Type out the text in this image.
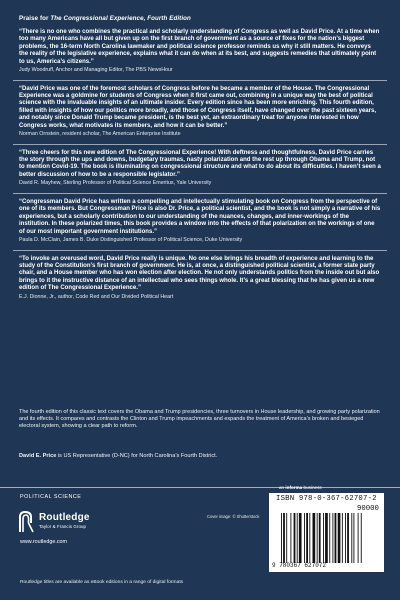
Praise for The Congressional Experience, Fourth Edition

“There is no one who combines the practical and scholarly understanding of Congress as well as David Price. At a time when too many Americans have all but given up on the first branch of government as a source of fixes for the nation’s biggest problems, the 16-term North Carolina lawmaker and political science professor reminds us why it still matters. He conveys the reality of the legislative experience, explains what it can do when at its best, and suggests remedies that ultimately point to us, America’s citizens.”

Judy Woodruff, Anchor and Managing Editor, The PBS NewsHour

“David Price was one of the foremost scholars of Congress before he became a member of the House. The Congressional Experience was a goldmine for students of Congress when it first came out, combining in a unique way the best of political science with the invaluable insights of an ultimate insider. Every edition since has been more enriching. This fourth edition, filled with insights of how our politics more broadly, and those of Congress itself, have changed over the past sixteen years, and notably since Donald Trump became president, is the best yet, an extraordinary treat for anyone interested in how Congress works, what motivates its members, and how it can be better.”

Norman Ornstein, resident scholar, The American Enterprise Institute

“Three cheers for this new edition of The Congressional Experience! With deftness and thoughtfulness, David Price carries the story through the ups and downs, budgetary traumas, nasty polarization and the rest up through Obama and Trump, not to mention Covid-19. The book is illuminating on congressional structure and what to do about its difficulties. I haven’t seen a better discussion of how to be a responsible legislator.”

David R. Mayhew, Sterling Professor of Political Science Emeritus, Yale University

“Congressman David Price has written a compelling and intellectually stimulating book on Congress from the perspective of one of its members. But Congressman Price is also Dr. Price, a political scientist, and the book is not simply a narrative of his experiences, but a scholarly contribution to our understanding of the nuances, changes, and inner-workings of the institution. In these polarized times, this book provides a window into the effects of that polarization on the workings of one of our most important government institutions.”

Paula D. McClain, James B. Duke Distinguished Professor of Political Science, Duke University

“To invoke an overused word, David Price really is unique. No one else brings his breadth of experience and learning to the study of the Constitution’s first branch of government. He is, at once, a distinguished political scientist, a former state party chair, and a House member who has won election after election. He not only understands politics from the inside out but also brings to it the instructive distance of an intellectual who sees things whole. It’s a great blessing that he has given us a new edition of The Congressional Experience.”

E.J. Dionne, Jr., author, Code Red and Our Divided Political Heart

The fourth edition of this classic text covers the Obama and Trump presidencies, three turnovers in House leadership, and growing party polarization and its effects. It compares and contrasts the Clinton and Trump impeachments and expands the treatment of America’s broken and besieged electoral system, showing a clear path to reform.

David E. Price is US Representative (D-NC) for North Carolina’s Fourth District.

POLITICAL SCIENCE
Routledge
Taylor & Francis Group
www.routledge.com
Cover image: © Shutterstock
an informa business
ISBN 978-0-367-62707-2
90000
9 780367 627072
Routledge titles are available as eBook editions in a range of digital formats
